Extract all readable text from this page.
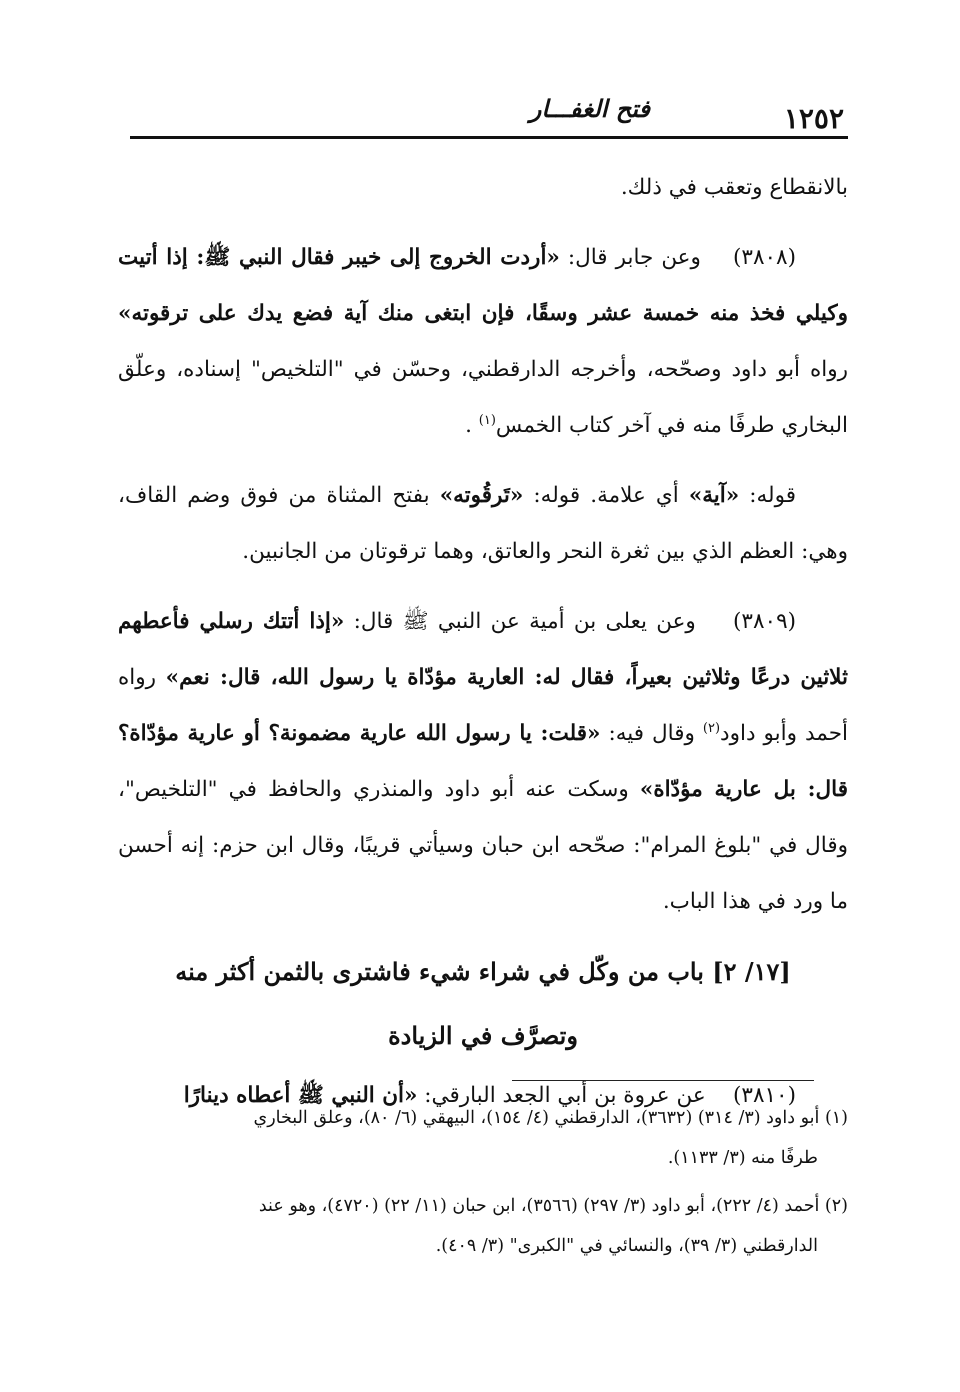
١٢٥٢
فتح الغفـــار

بالانقطاع وتعقب في ذلك.

(٣٨٠٨)    وعن جابر قال: «أردت الخروج إلى خيبر فقال النبي ﷺ: إذا أتيت وكيلي فخذ منه خمسة عشر وسقًا، فإن ابتغى منك آية فضع يدك على ترقوته» رواه أبو داود وصحّحه، وأخرجه الدارقطني، وحسّن في "التلخيص" إسناده، وعلّق البخاري طرفًا منه في آخر كتاب الخمس$^{(١)}$ .

قوله: «آية» أي علامة. قوله: «تَرقُوته» بفتح المثناة من فوق وضم القاف، وهي: العظم الذي بين ثغرة النحر والعاتق، وهما ترقوتان من الجانبين.

(٣٨٠٩)    وعن يعلى بن أمية عن النبي ﷺ قال: «إذا أتتك رسلي فأعطهم ثلاثين درعًا وثلاثين بعيراً، فقال له: العارية مؤدّاة يا رسول الله، قال: نعم» رواه أحمد وأبو داود$^{(٢)}$ وقال فيه: «قلت: يا رسول الله عارية مضمونة؟ أو عارية مؤدّاة؟ قال: بل عارية مؤدّاة» وسكت عنه أبو داود والمنذري والحافظ في "التلخيص"، وقال في "بلوغ المرام": صحّحه ابن حبان وسيأتي قريبًا، وقال ابن حزم: إنه أحسن ما ورد في هذا الباب.

[١٧/ ٢] باب من وكّل في شراء شيء فاشترى بالثمن أكثر منه
وتصرَّف في الزيادة

(٣٨١٠)    عن عروة بن أبي الجعد البارقي: «أن النبي ﷺ أعطاه دينارًا

(١) أبو داود (٣/ ٣١٤) (٣٦٣٢)، الدارقطني (٤/ ١٥٤)، البيهقي (٦/ ٨٠)، وعلق البخاري
طرفًا منه (٣/ ١١٣٣).

(٢) أحمد (٤/ ٢٢٢)، أبو داود (٣/ ٢٩٧) (٣٥٦٦)، ابن حبان (١١/ ٢٢) (٤٧٢٠)، وهو عند
الدارقطني (٣/ ٣٩)، والنسائي في "الكبرى" (٣/ ٤٠٩).
